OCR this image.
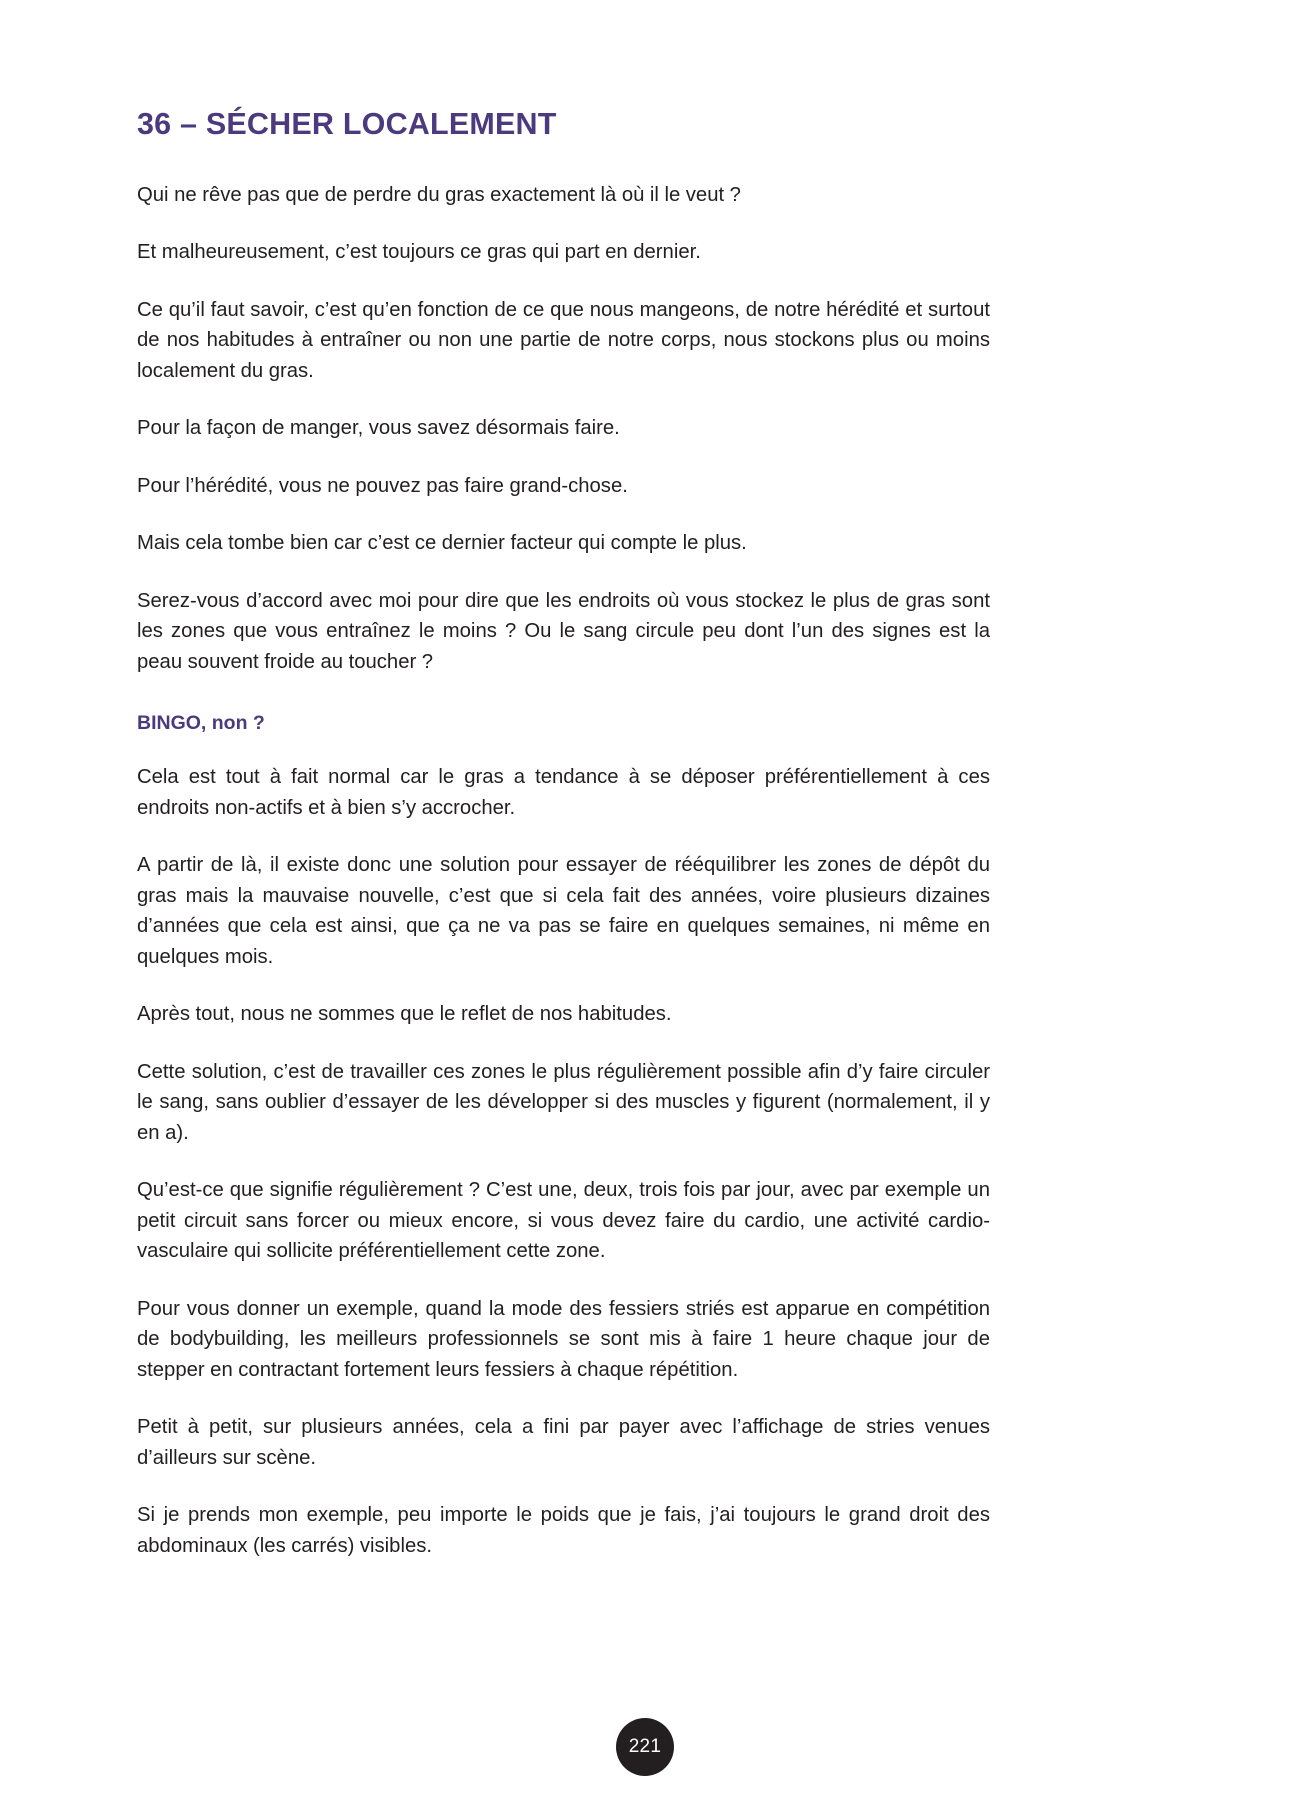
36 – SÉCHER LOCALEMENT

Qui ne rêve pas que de perdre du gras exactement là où il le veut ?

Et malheureusement, c’est toujours ce gras qui part en dernier.

Ce qu’il faut savoir, c’est qu’en fonction de ce que nous mangeons, de notre hérédité et surtout de nos habitudes à entraîner ou non une partie de notre corps, nous stockons plus ou moins localement du gras.

Pour la façon de manger, vous savez désormais faire.

Pour l’hérédité, vous ne pouvez pas faire grand-chose.

Mais cela tombe bien car c’est ce dernier facteur qui compte le plus.

Serez-vous d’accord avec moi pour dire que les endroits où vous stockez le plus de gras sont les zones que vous entraînez le moins ? Ou le sang circule peu dont l’un des signes est la peau souvent froide au toucher ?

BINGO, non ?

Cela est tout à fait normal car le gras a tendance à se déposer préférentiellement à ces endroits non-actifs et à bien s’y accrocher.

A partir de là, il existe donc une solution pour essayer de rééquilibrer les zones de dépôt du gras mais la mauvaise nouvelle, c’est que si cela fait des années, voire plusieurs dizaines d’années que cela est ainsi, que ça ne va pas se faire en quelques semaines, ni même en quelques mois.

Après tout, nous ne sommes que le reflet de nos habitudes.

Cette solution, c’est de travailler ces zones le plus régulièrement possible afin d’y faire circuler le sang, sans oublier d’essayer de les développer si des muscles y figurent (normalement, il y en a).

Qu’est-ce que signifie régulièrement ? C’est une, deux, trois fois par jour, avec par exemple un petit circuit sans forcer ou mieux encore, si vous devez faire du cardio, une activité cardio-vasculaire qui sollicite préférentiellement cette zone.

Pour vous donner un exemple, quand la mode des fessiers striés est apparue en compétition de bodybuilding, les meilleurs professionnels se sont mis à faire 1 heure chaque jour de stepper en contractant fortement leurs fessiers à chaque répétition.

Petit à petit, sur plusieurs années, cela a fini par payer avec l’affichage de stries venues d’ailleurs sur scène.

Si je prends mon exemple, peu importe le poids que je fais, j’ai toujours le grand droit des abdominaux (les carrés) visibles.

221
